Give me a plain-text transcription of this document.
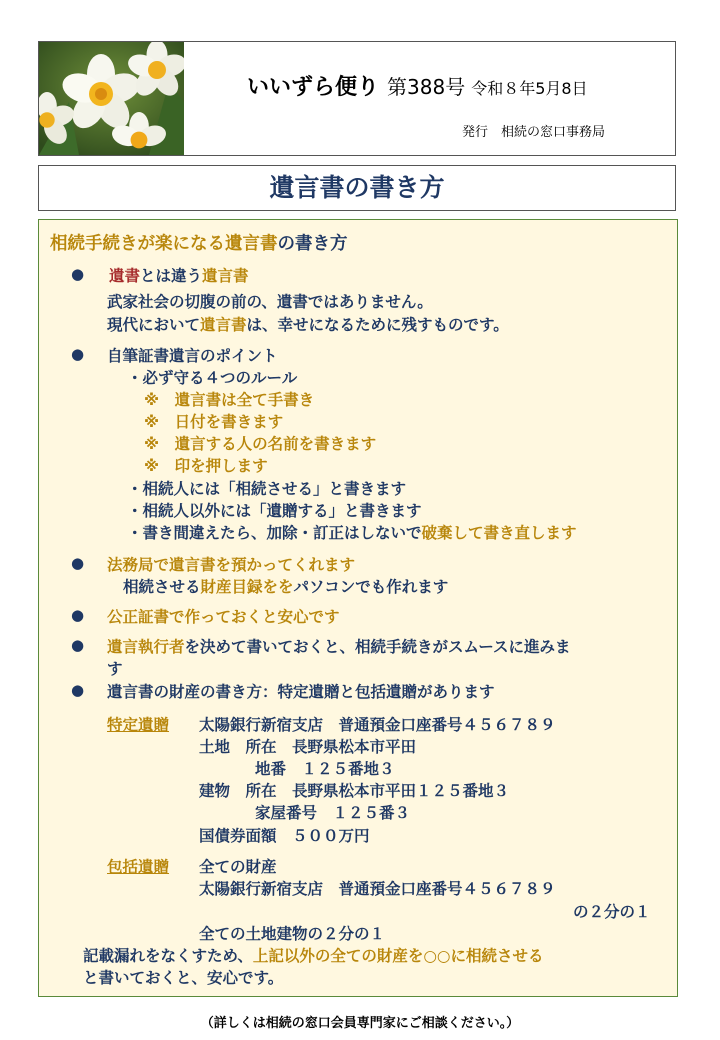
いいずら便り 第388号 令和８年5月8日
発行　相続の窓口事務局
遺言書の書き方
相続手続きが楽になる遺言書の書き方
● 遺書とは違う遺言書
武家社会の切腹の前の、遺書ではありません。
現代において遺言書は、幸せになるために残すものです。
● 自筆証書遺言のポイント
・必ず守る４つのルール
※　遺言書は全て手書き
※　日付を書きます
※　遺言する人の名前を書きます
※　印を押します
・相続人には「相続させる」と書きます
・相続人以外には「遺贈する」と書きます
・書き間違えたら、加除・訂正はしないで破棄して書き直します
● 法務局で遺言書を預かってくれます
相続させる財産目録ををパソコンでも作れます
● 公正証書で作っておくと安心です
● 遺言執行者を決めて書いておくと、相続手続きがスムースに進みま
す
● 遺言書の財産の書き方：特定遺贈と包括遺贈があります
特定遺贈 太陽銀行新宿支店　普通預金口座番号４５６７８９
土地　所在　長野県松本市平田
地番　１２５番地３
建物　所在　長野県松本市平田１２５番地３
家屋番号　１２５番３
国債券面額　５００万円
包括遺贈 全ての財産
太陽銀行新宿支店　普通預金口座番号４５６７８９
の２分の１
全ての土地建物の２分の１
記載漏れをなくすため、上記以外の全ての財産を○○に相続させる
と書いておくと、安心です。
（詳しくは相続の窓口会員専門家にご相談ください。）
